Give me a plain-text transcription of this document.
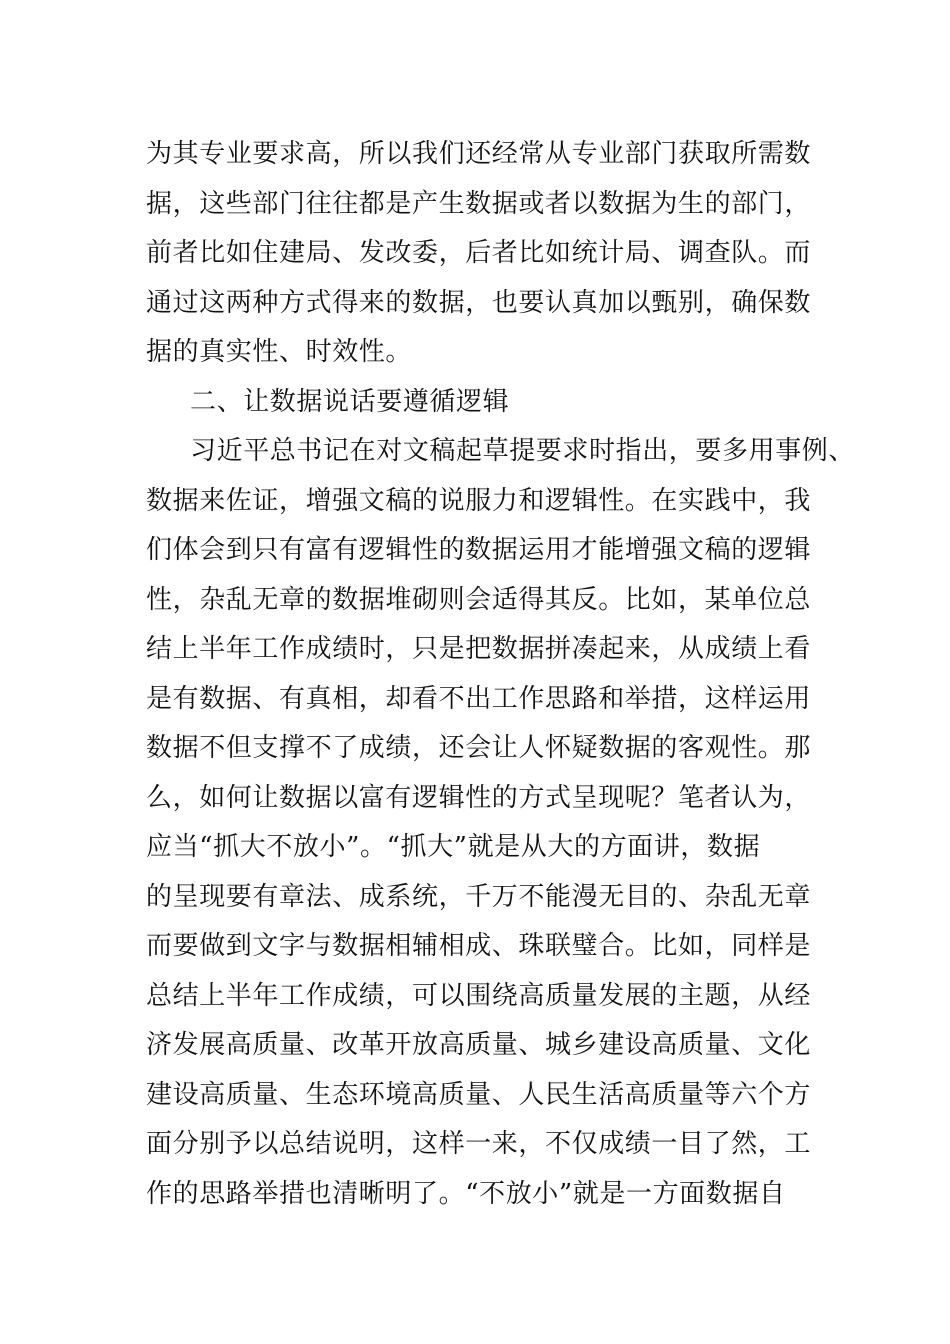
为其专业要求高，所以我们还经常从专业部门获取所需数
据，这些部门往往都是产生数据或者以数据为生的部门，
前者比如住建局、发改委，后者比如统计局、调查队。而
通过这两种方式得来的数据，也要认真加以甄别，确保数
据的真实性、时效性。
二、让数据说话要遵循逻辑
习近平总书记在对文稿起草提要求时指出，要多用事例、
数据来佐证，增强文稿的说服力和逻辑性。在实践中，我
们体会到只有富有逻辑性的数据运用才能增强文稿的逻辑
性，杂乱无章的数据堆砌则会适得其反。比如，某单位总
结上半年工作成绩时，只是把数据拼凑起来，从成绩上看
是有数据、有真相，却看不出工作思路和举措，这样运用
数据不但支撑不了成绩，还会让人怀疑数据的客观性。那
么，如何让数据以富有逻辑性的方式呈现呢？笔者认为，
应当“抓大不放小”。“抓大”就是从大的方面讲，数据
的呈现要有章法、成系统，千万不能漫无目的、杂乱无章
而要做到文字与数据相辅相成、珠联璧合。比如，同样是
总结上半年工作成绩，可以围绕高质量发展的主题，从经
济发展高质量、改革开放高质量、城乡建设高质量、文化
建设高质量、生态环境高质量、人民生活高质量等六个方
面分别予以总结说明，这样一来，不仅成绩一目了然，工
作的思路举措也清晰明了。“不放小”就是一方面数据自
